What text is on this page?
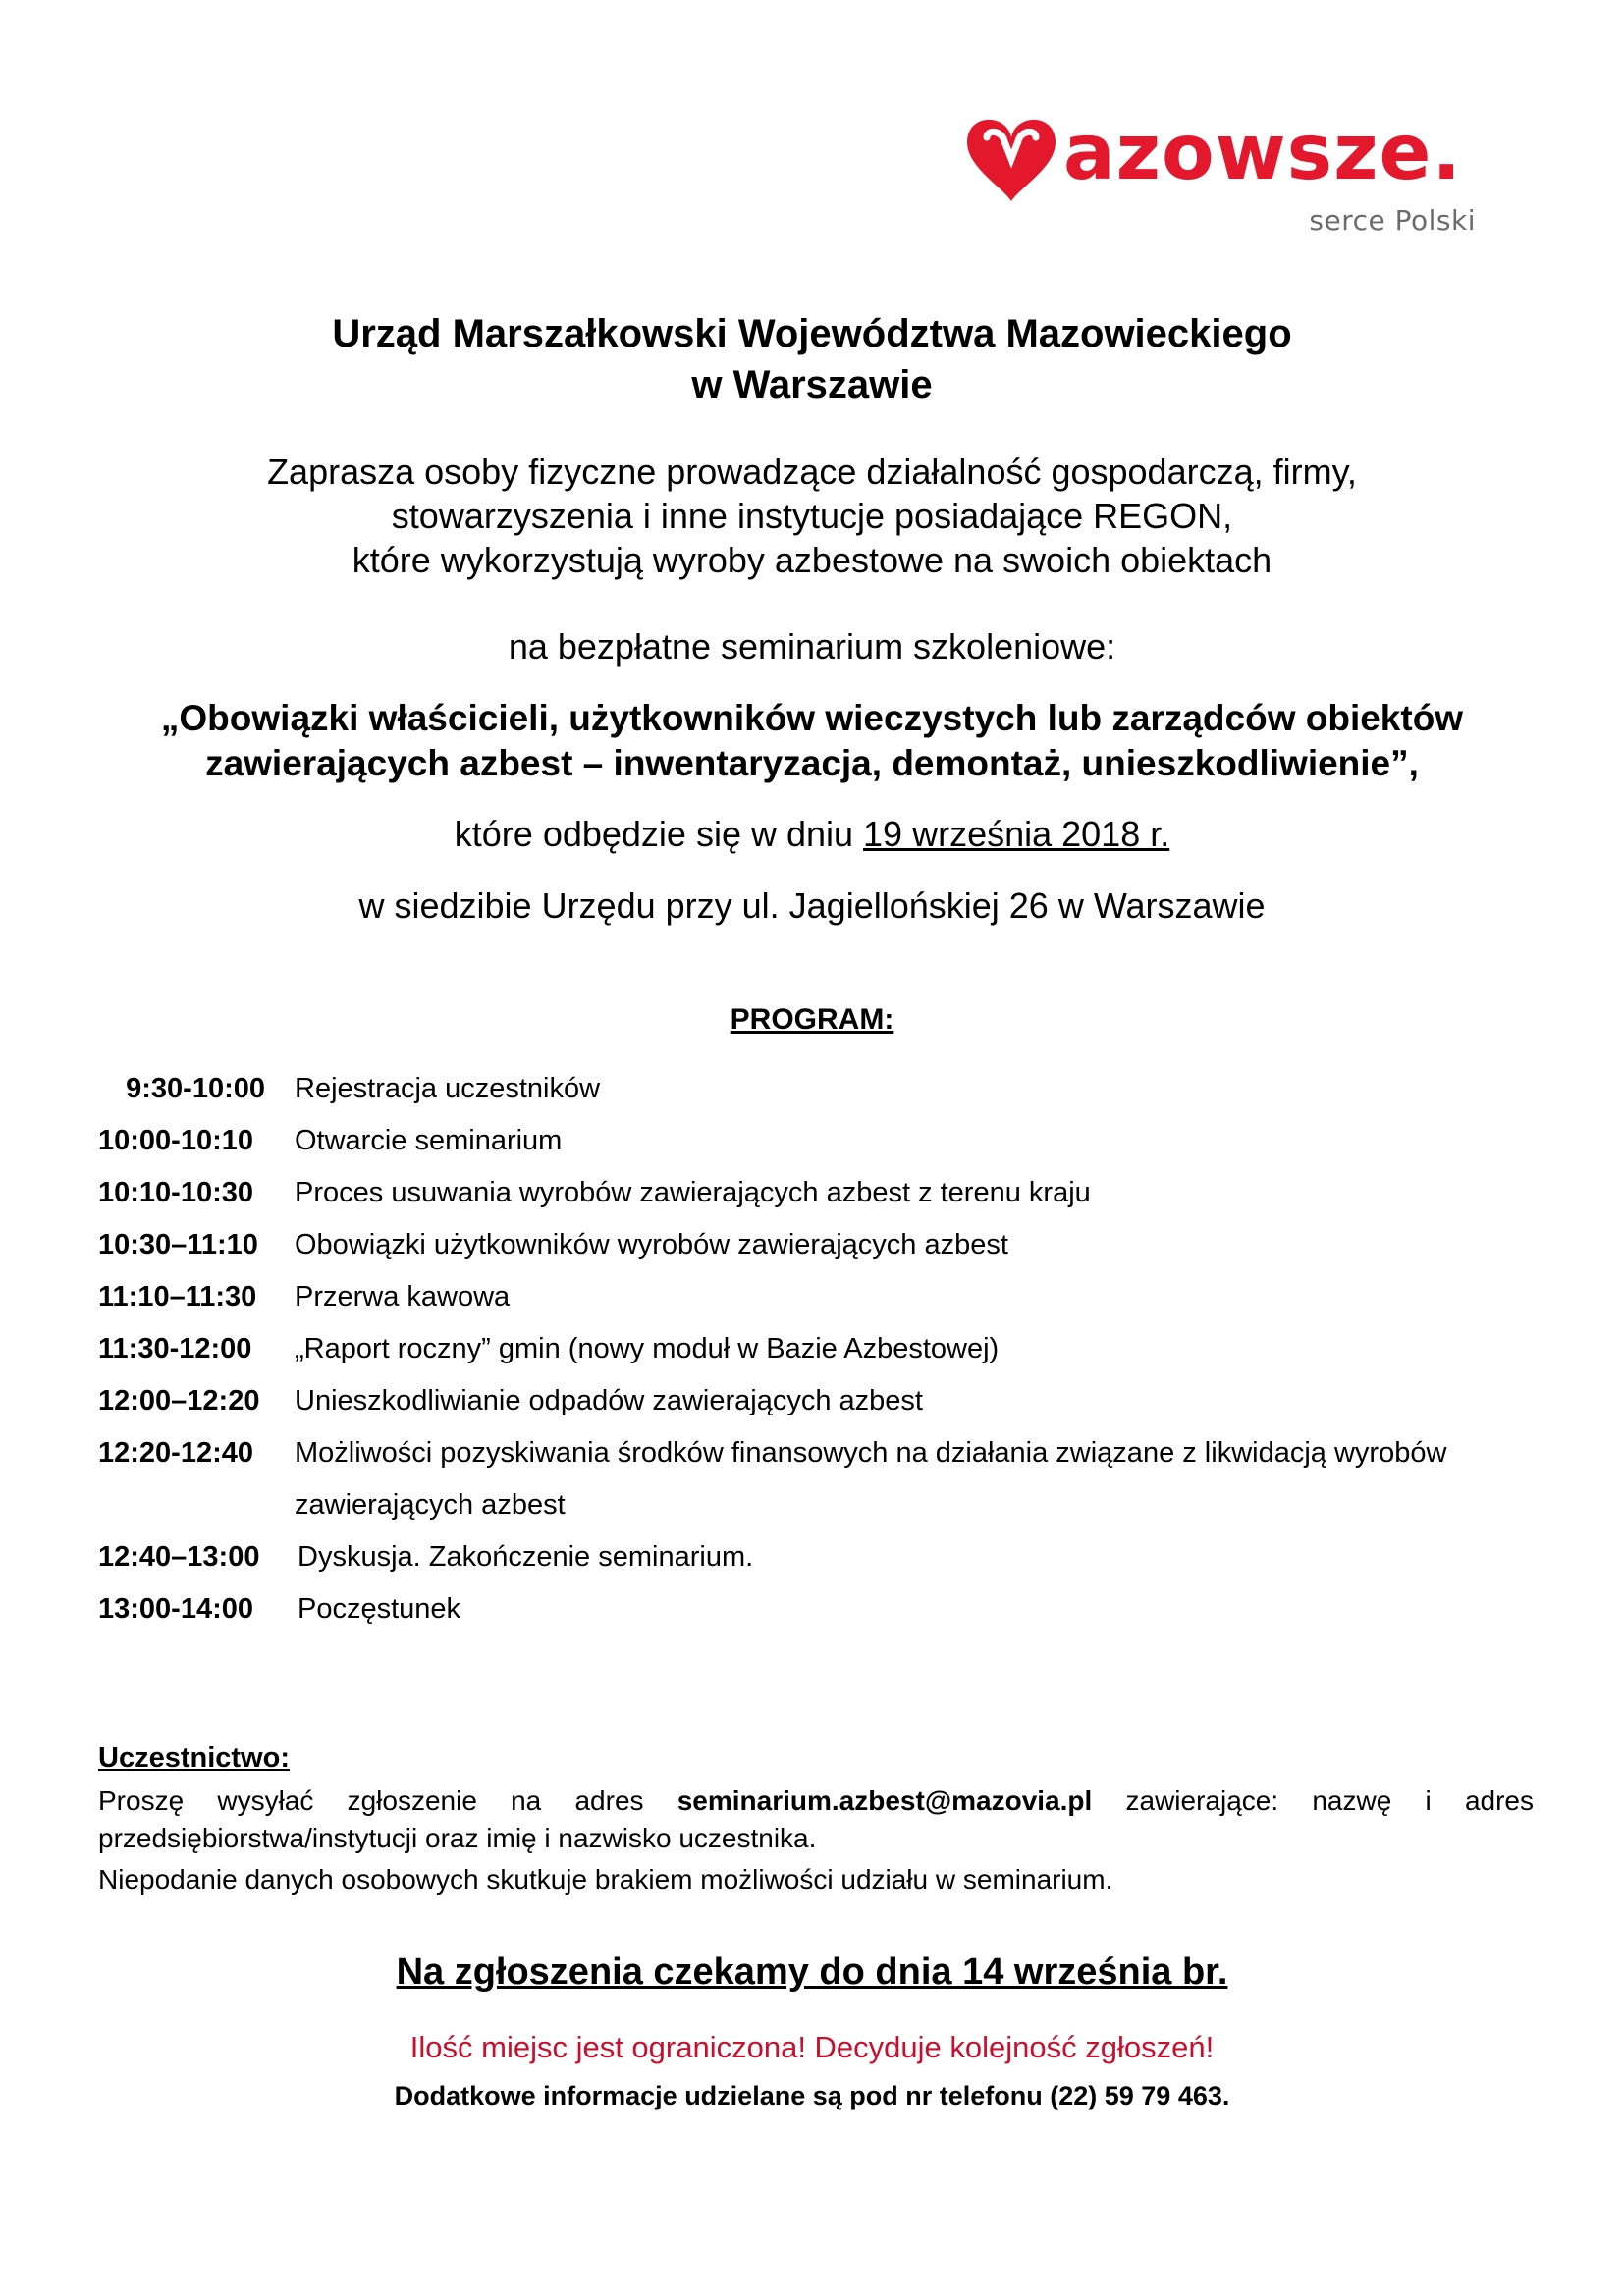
azowsze.
serce Polski
Urząd Marszałkowski Województwa Mazowieckiego
w Warszawie
Zaprasza osoby fizyczne prowadzące działalność gospodarczą, firmy,
stowarzyszenia i inne instytucje posiadające REGON,
które wykorzystują wyroby azbestowe na swoich obiektach
na bezpłatne seminarium szkoleniowe:
„Obowiązki właścicieli, użytkowników wieczystych lub zarządców obiektów
zawierających azbest – inwentaryzacja, demontaż, unieszkodliwienie”,
które odbędzie się w dniu 19 września 2018 r.
w siedzibie Urzędu przy ul. Jagiellońskiej 26 w Warszawie
PROGRAM:
9:30-10:00 Rejestracja uczestników
10:00-10:10	Otwarcie seminarium
10:10-10:30	Proces usuwania wyrobów zawierających azbest z terenu kraju
10:30–11:10 Obowiązki użytkowników wyrobów zawierających azbest
11:10–11:30	Przerwa kawowa
11:30-12:00	„Raport roczny” gmin (nowy moduł w Bazie Azbestowej)
12:00–12:20 Unieszkodliwianie odpadów zawierających azbest
12:20-12:40	Możliwości pozyskiwania środków finansowych na działania związane z likwidacją wyrobów
zawierających azbest
12:40–13:00 Dyskusja. Zakończenie seminarium.
13:00-14:00	Poczęstunek
Uczestnictwo:
Proszę wysyłać zgłoszenie na adres seminarium.azbest@mazovia.pl zawierające: nazwę i adres przedsiębiorstwa/instytucji oraz imię i nazwisko uczestnika.
Niepodanie danych osobowych skutkuje brakiem możliwości udziału w seminarium.
Na zgłoszenia czekamy do dnia 14 września br.
Ilość miejsc jest ograniczona! Decyduje kolejność zgłoszeń!
Dodatkowe informacje udzielane są pod nr telefonu (22) 59 79 463.
